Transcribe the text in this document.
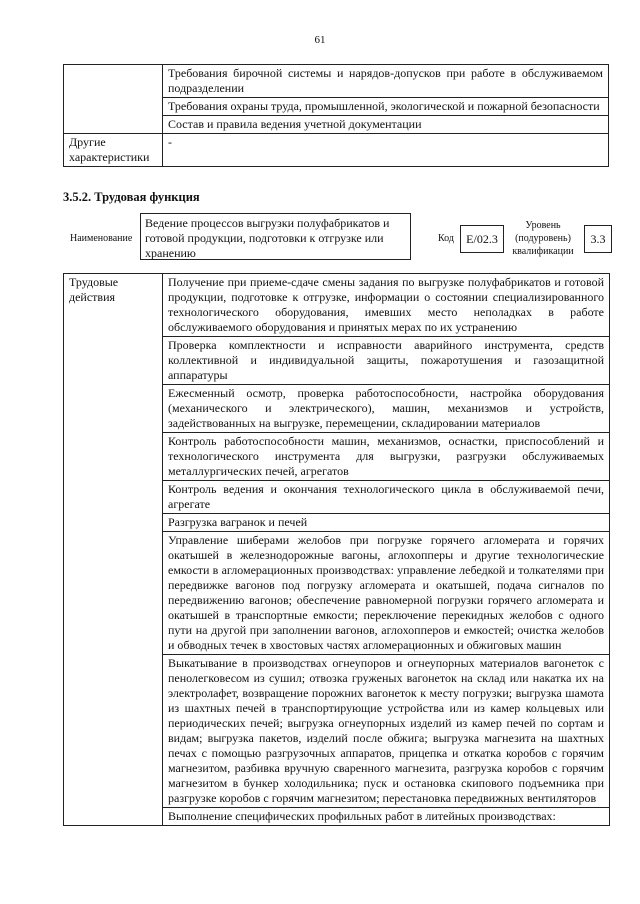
61
	Требования бирочной системы и нарядов-допусков при работе в обслуживаемом подразделении
	Требования охраны труда, промышленной, экологической и пожарной безопасности
	Состав и правила ведения учетной документации
Другие характеристики	-
3.5.2. Трудовая функция
Наименование
Ведение процессов выгрузки полуфабрикатов и готовой продукции, подготовки к отгрузке или хранению
Код	E/02.3
Уровень (подуровень) квалификации
3.3
Трудовые действия	Получение при приеме-сдаче смены задания по выгрузке полуфабрикатов и готовой продукции, подготовке к отгрузке, информации о состоянии специализированного технологического оборудования, имевших место неполадках в работе обслуживаемого оборудования и принятых мерах по их устранению
Проверка комплектности и исправности аварийного инструмента, средств коллективной и индивидуальной защиты, пожаротушения и газозащитной аппаратуры
Ежесменный осмотр, проверка работоспособности, настройка оборудования (механического и электрического), машин, механизмов и устройств, задействованных на выгрузке, перемещении, складировании материалов
Контроль работоспособности машин, механизмов, оснастки, приспособлений и технологического инструмента для выгрузки, разгрузки обслуживаемых металлургических печей, агрегатов
Контроль ведения и окончания технологического цикла в обслуживаемой печи, агрегате
Разгрузка вагранок и печей
Управление шиберами желобов при погрузке горячего агломерата и горячих окатышей в железнодорожные вагоны, аглохопперы и другие технологические емкости в агломерационных производствах: управление лебедкой и толкателями при передвижке вагонов под погрузку агломерата и окатышей, подача сигналов по передвижению вагонов; обеспечение равномерной погрузки горячего агломерата и окатышей в транспортные емкости; переключение перекидных желобов с одного пути на другой при заполнении вагонов, аглохопперов и емкостей; очистка желобов и обводных течек в хвостовых частях агломерационных и обжиговых машин
Выкатывание в производствах огнеупоров и огнеупорных материалов вагонеток с пенолегковесом из сушил; отвозка груженых вагонеток на склад или накатка их на электролафет, возвращение порожних вагонеток к месту погрузки; выгрузка шамота из шахтных печей в транспортирующие устройства или из камер кольцевых или периодических печей; выгрузка огнеупорных изделий из камер печей по сортам и видам; выгрузка пакетов, изделий после обжига; выгрузка магнезита на шахтных печах с помощью разгрузочных аппаратов, прицепка и откатка коробов с горячим магнезитом, разбивка вручную сваренного магнезита, разгрузка коробов с горячим магнезитом в бункер холодильника; пуск и остановка скипового подъемника при разгрузке коробов с горячим магнезитом; перестановка передвижных вентиляторов
Выполнение специфических профильных работ в литейных производствах:
